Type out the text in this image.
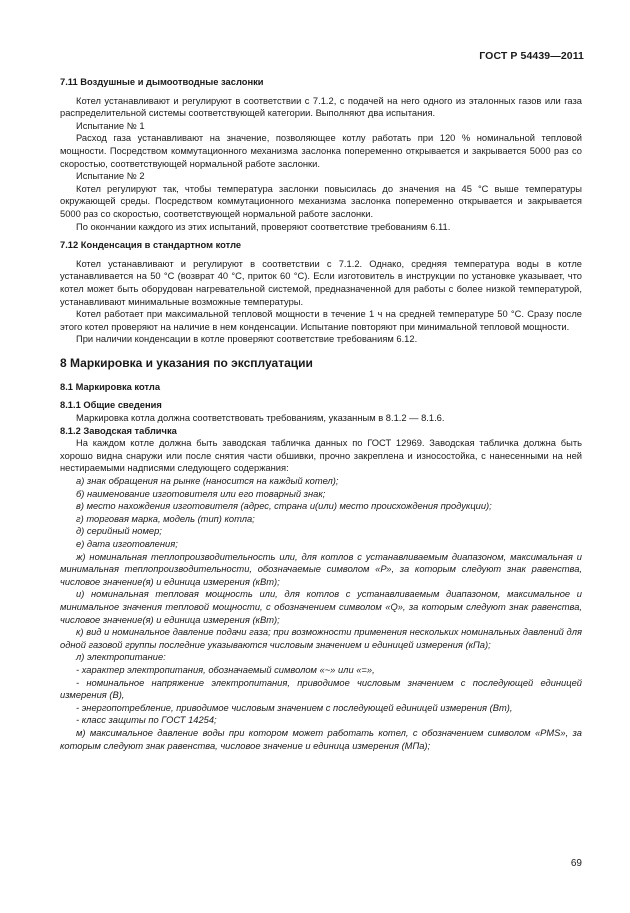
ГОСТ Р 54439—2011

7.11 Воздушные и дымоотводные заслонки

Котел устанавливают и регулируют в соответствии с 7.1.2, с подачей на него одного из эталонных газов или газа распределительной системы соответствующей категории. Выполняют два испытания.

Испытание № 1

Расход газа устанавливают на значение, позволяющее котлу работать при 120 % номинальной тепловой мощности. Посредством коммутационного механизма заслонка попеременно открывается и закрывается 5000 раз со скоростью, соответствующей нормальной работе заслонки.

Испытание № 2

Котел регулируют так, чтобы температура заслонки повысилась до значения на 45 °С выше температуры окружающей среды. Посредством коммутационного механизма заслонка попеременно открывается и закрывается 5000 раз со скоростью, соответствующей нормальной работе заслонки.

По окончании каждого из этих испытаний, проверяют соответствие требованиям 6.11.

7.12 Конденсация в стандартном котле

Котел устанавливают и регулируют в соответствии с 7.1.2. Однако, средняя температура воды в котле устанавливается на 50 °С (возврат 40 °С, приток 60 °С). Если изготовитель в инструкции по установке указывает, что котел может быть оборудован нагревательной системой, предназначенной для работы с более низкой температурой, устанавливают минимальные возможные температуры.

Котел работает при максимальной тепловой мощности в течение 1 ч на средней температуре 50 °С. Сразу после этого котел проверяют на наличие в нем конденсации. Испытание повторяют при минимальной тепловой мощности.

При наличии конденсации в котле проверяют соответствие требованиям 6.12.

8 Маркировка и указания по эксплуатации

8.1 Маркировка котла

8.1.1 Общие сведения

Маркировка котла должна соответствовать требованиям, указанным в 8.1.2 — 8.1.6.

8.1.2 Заводская табличка

На каждом котле должна быть заводская табличка данных по ГОСТ 12969. Заводская табличка должна быть хорошо видна снаружи или после снятия части обшивки, прочно закреплена и износостойка, с нанесенными на ней нестираемыми надписями следующего содержания:

а) знак обращения на рынке (наносится на каждый котел);

б) наименование изготовителя или его товарный знак;

в) место нахождения изготовителя (адрес, страна и(или) место происхождения продукции);

г) торговая марка, модель (тип) котла;

д) серийный номер;

е) дата изготовления;

ж) номинальная теплопроизводительность или, для котлов с устанавливаемым диапазоном, максимальная и минимальная теплопроизводительности, обозначаемые символом «Р», за которым следуют знак равенства, числовое значение(я) и единица измерения (кВт);

и) номинальная тепловая мощность или, для котлов с устанавливаемым диапазоном, максимальное и минимальное значения тепловой мощности, с обозначением символом «Q», за которым следуют знак равенства, числовое значение(я) и единица измерения (кВт);

к) вид и номинальное давление подачи газа; при возможности применения нескольких номинальных давлений для одной газовой группы последние указываются числовым значением и единицей измерения (кПа);

л) электропитание:

- характер электропитания, обозначаемый символом «~» или «=»,

- номинальное напряжение электропитания, приводимое числовым значением с последующей единицей измерения (В),

- энергопотребление, приводимое числовым значением с последующей единицей измерения (Вт),

- класс защиты по ГОСТ 14254;

м) максимальное давление воды при котором может работать котел, с обозначением символом «PMS», за которым следуют знак равенства, числовое значение и единица измерения (МПа);

69
